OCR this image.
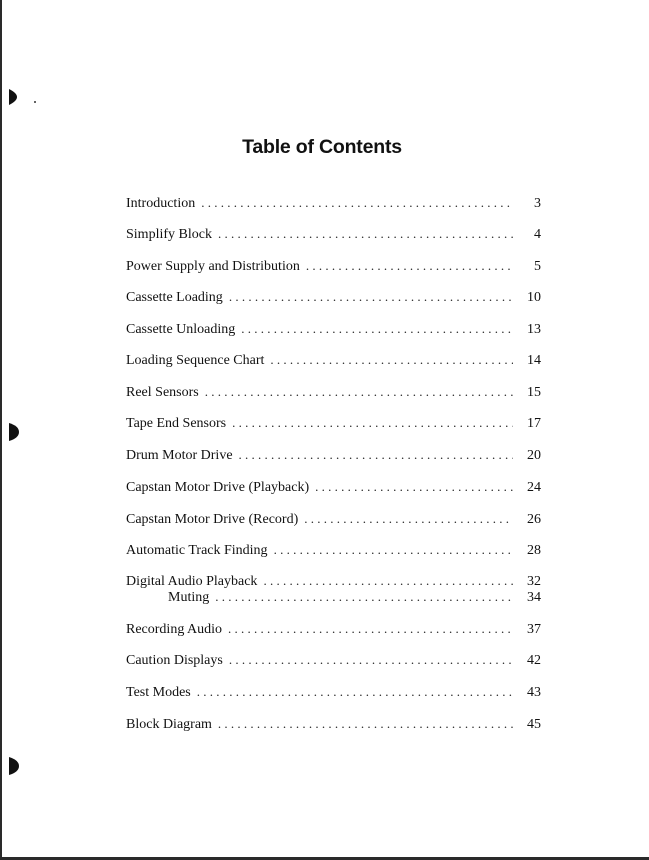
Table of Contents
Introduction . . .	3
Simplify Block . . .	4
Power Supply and Distribution . . .	5
Cassette Loading . . .	10
Cassette Unloading . . .	13
Loading Sequence Chart . . .	14
Reel Sensors . . .	15
Tape End Sensors . . .	17
Drum Motor Drive . . .	20
Capstan Motor Drive (Playback) . . .	24
Capstan Motor Drive (Record) . . .	26
Automatic Track Finding . . .	28
Digital Audio Playback . . .	32
Muting . . .	34
Recording Audio . . .	37
Caution Displays . . .	42
Test Modes . . .	43
Block Diagram . . .	45
